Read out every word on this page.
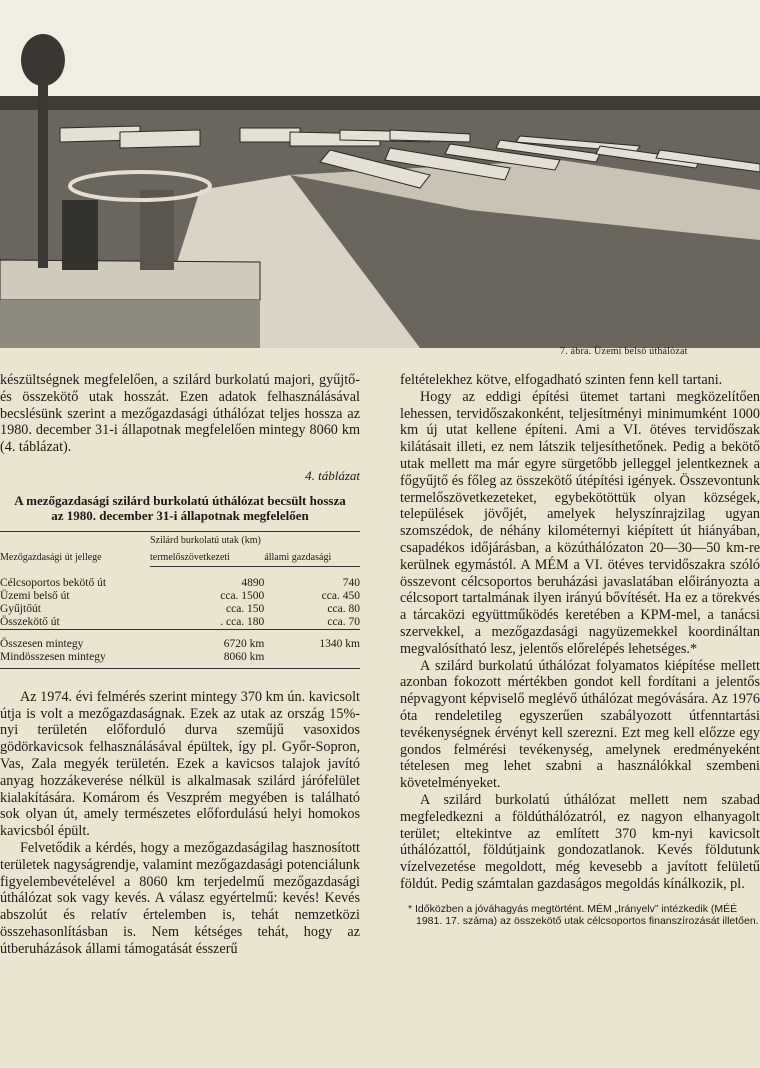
7. ábra. Üzemi belső úthálózat

készültségnek megfelelően, a szilárd burkolatú majori, gyűjtő- és összekötő utak hosszát. Ezen adatok felhasználásával becslésünk szerint a mezőgazdasági úthálózat teljes hossza az 1980. december 31-i állapotnak megfelelően mintegy 8060 km (4. táblázat).

4. táblázat

A mezőgazdasági szilárd burkolatú úthálózat becsült hossza az 1980. december 31-i állapotnak megfelelően

Mezőgazdasági út jellege	Szilárd burkolatú utak (km)	
	termelőszövetkezeti	állami gazdasági

Célcsoportos bekötő út	4890	740
Üzemi belső út	cca. 1500	cca. 450
Gyűjtőút	cca. 150	cca. 80
Összekötő út	. cca. 180	cca. 70

Összesen mintegy	6720 km	1340 km
Mindösszesen mintegy	8060 km	

Az 1974. évi felmérés szerint mintegy 370 km ún. kavicsolt útja is volt a mezőgazdaságnak. Ezek az utak az ország 15%-nyi területén előforduló durva szeműjű vasoxidos gödörkavicsok felhasználásával épültek, így pl. Győr-Sopron, Vas, Zala megyék területén. Ezek a kavicsos talajok javító anyag hozzákeverése nélkül is alkalmasak szilárd járófelület kialakítására. Komárom és Veszprém megyében is található sok olyan út, amely természetes előfordulású helyi homokos kavicsból épült.

Felvetődik a kérdés, hogy a mezőgazdaságilag hasznosított területek nagyságrendje, valamint mezőgazdasági potenciálunk figyelembevételével a 8060 km terjedelmű mezőgazdasági úthálózat sok vagy kevés. A válasz egyértelmű: kevés! Kevés abszolút és relatív értelemben is, tehát nemzetközi összehasonlításban is. Nem kétséges tehát, hogy az útberuházások állami támogatását ésszerű

feltételekhez kötve, elfogadható szinten fenn kell tartani.

Hogy az eddigi építési ütemet tartani megközelítően lehessen, tervidőszakonként, teljesítményi minimumként 1000 km új utat kellene építeni. Ami a VI. ötéves tervidőszak kilátásait illeti, ez nem látszik teljesíthetőnek. Pedig a bekötő utak mellett ma már egyre sürgetőbb jelleggel jelentkeznek a főgyűjtő és főleg az összekötő útépítési igények. Összevontunk termelőszövetkezeteket, egybekötöttük olyan községek, települések jövőjét, amelyek helyszínrajzilag ugyan szomszédok, de néhány kilométernyi kiépített út hiányában, csapadékos időjárásban, a közúthálózaton 20—30—50 km-re kerülnek egymástól. A MÉM a VI. ötéves tervidőszakra szóló összevont célcsoportos beruházási javaslatában előirányozta a célcsoport tartalmának ilyen irányú bővítését. Ha ez a törekvés a tárcaközi együttműködés keretében a KPM-mel, a tanácsi szervekkel, a mezőgazdasági nagyüzemekkel koordináltan megvalósítható lesz, jelentős előrelépés lehetséges.*

A szilárd burkolatú úthálózat folyamatos kiépítése mellett azonban fokozott mértékben gondot kell fordítani a jelentős népvagyont képviselő meglévő úthálózat megóvására. Az 1976 óta rendeletileg egyszerűen szabályozott útfenntartási tevékenységnek érvényt kell szerezni. Ezt meg kell előzze egy gondos felmérési tevékenység, amelynek eredményeként tételesen meg lehet szabni a használókkal szembeni követelményeket.

A szilárd burkolatú úthálózat mellett nem szabad megfeledkezni a földúthálózatról, ez nagyon elhanyagolt terület; eltekintve az említett 370 km-nyi kavicsolt úthálózattól, földútjaink gondozatlanok. Kevés földutunk vízelvezetése megoldott, még kevesebb a javított felületű földút. Pedig számtalan gazdaságos megoldás kínálkozik, pl.

* Időközben a jóváhagyás megtörtént. MÉM „Irányelv” intézkedik (MÉÉ 1981. 17. száma) az összekötő utak célcsoportos finanszírozását illetően.
